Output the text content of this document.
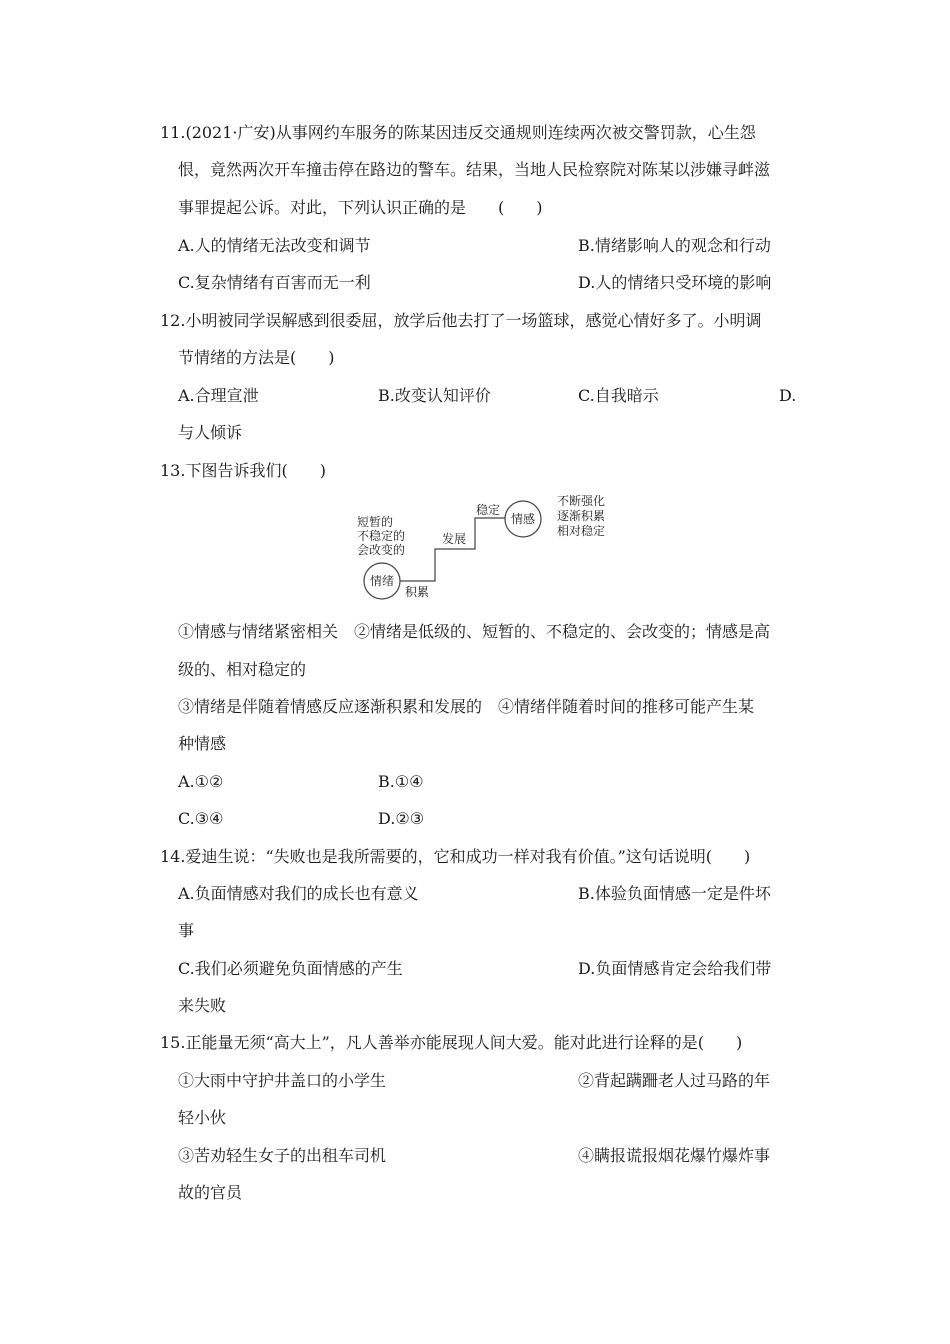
11.(2021·广安)从事网约车服务的陈某因违反交通规则连续两次被交警罚款，心生怨

恨，竟然两次开车撞击停在路边的警车。结果，当地人民检察院对陈某以涉嫌寻衅滋

事罪提起公诉。对此，下列认识正确的是　　(　　)

A.人的情绪无法改变和调节	B.情绪影响人的观念和行动

C.复杂情绪有百害而无一利	D.人的情绪只受环境的影响

12.小明被同学误解感到很委屈，放学后他去打了一场篮球，感觉心情好多了。小明调

节情绪的方法是(　　)

A.合理宣泄	B.改变认知评价	C.自我暗示	D.

与人倾诉

13.下图告诉我们(　　)

短暂的
不稳定的
会改变的
情绪
积累
发展
稳定
情感
不断强化
逐渐积累
相对稳定

①情感与情绪紧密相关　②情绪是低级的、短暂的、不稳定的、会改变的；情感是高

级的、相对稳定的

③情绪是伴随着情感反应逐渐积累和发展的　④情绪伴随着时间的推移可能产生某

种情感

A.①②	B.①④

C.③④	D.②③

14.爱迪生说：“失败也是我所需要的，它和成功一样对我有价值。”这句话说明(　　)

A.负面情感对我们的成长也有意义	B.体验负面情感一定是件坏

事

C.我们必须避免负面情感的产生	D.负面情感肯定会给我们带

来失败

15.正能量无须“高大上”，凡人善举亦能展现人间大爱。能对此进行诠释的是(　　)

①大雨中守护井盖口的小学生	②背起蹒跚老人过马路的年

轻小伙

③苦劝轻生女子的出租车司机	④瞒报谎报烟花爆竹爆炸事

故的官员
